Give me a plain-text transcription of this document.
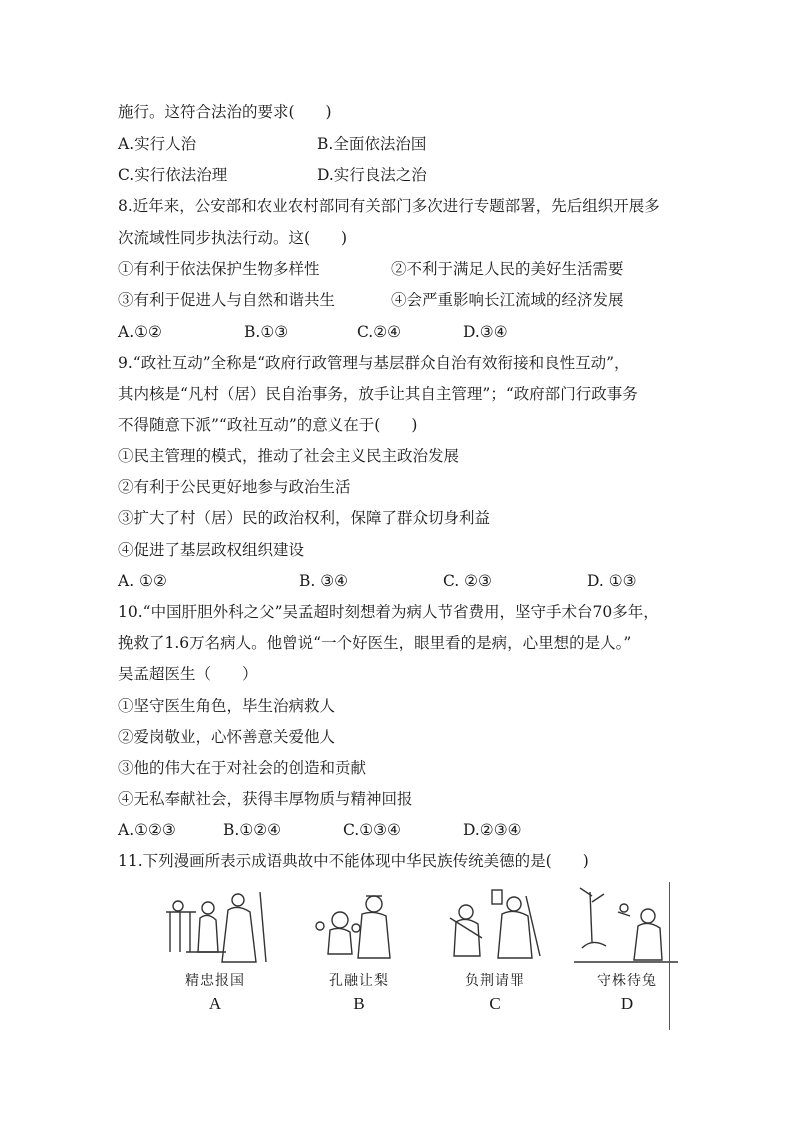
施行。这符合法治的要求(　　)
A.实行人治	B.全面依法治国
C.实行依法治理	D.实行良法之治
8.近年来，公安部和农业农村部同有关部门多次进行专题部署，先后组织开展多
次流域性同步执法行动。这(　　)
①有利于依法保护生物多样性	②不利于满足人民的美好生活需要
③有利于促进人与自然和谐共生	④会严重影响长江流域的经济发展
A.①②	B.①③	C.②④	D.③④
9.“政社互动”全称是“政府行政管理与基层群众自治有效衔接和良性互动”，
其内核是“凡村（居）民自治事务，放手让其自主管理”；“政府部门行政事务
不得随意下派”“政社互动”的意义在于(　　)
①民主管理的模式，推动了社会主义民主政治发展
②有利于公民更好地参与政治生活
③扩大了村（居）民的政治权利，保障了群众切身利益
④促进了基层政权组织建设
A. ①②	B. ③④	C. ②③	D. ①③
10.“中国肝胆外科之父”吴孟超时刻想着为病人节省费用，坚守手术台70多年，
挽救了1.6万名病人。他曾说“一个好医生，眼里看的是病，心里想的是人。”
吴孟超医生（　　）
①坚守医生角色，毕生治病救人
②爱岗敬业，心怀善意关爱他人
③他的伟大在于对社会的创造和贡献
④无私奉献社会，获得丰厚物质与精神回报
A.①②③	B.①②④	C.①③④	D.②③④
11.下列漫画所表示成语典故中不能体现中华民族传统美德的是(　　)
精忠报国
A
孔融让梨
B
负荆请罪
C
守株待兔
D
